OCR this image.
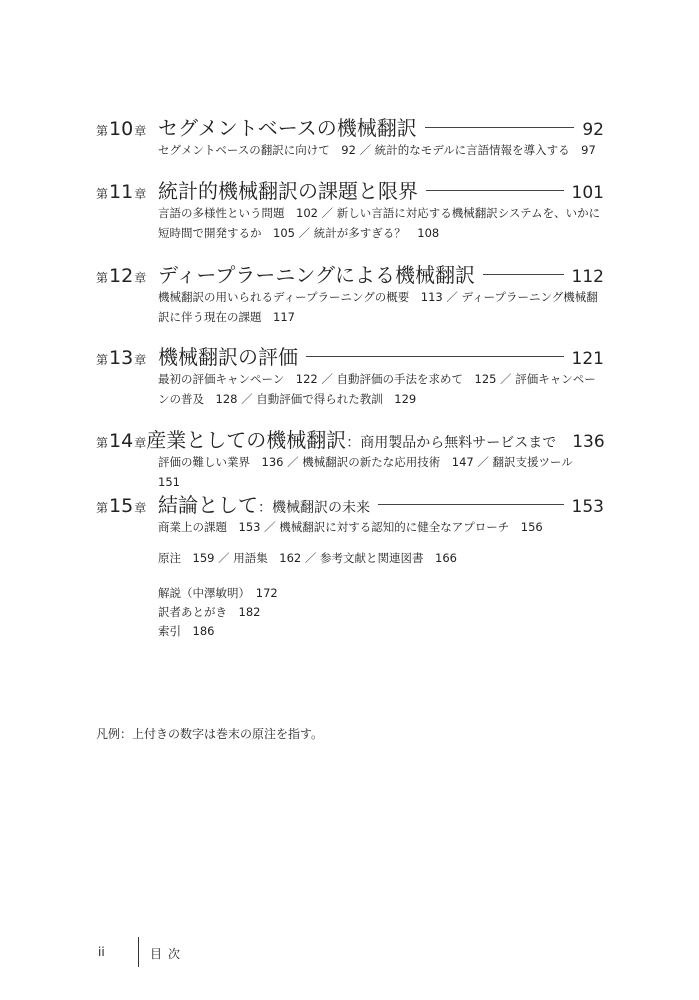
第10章 セグメントベースの機械翻訳	92
セグメントベースの翻訳に向けて　92 ／ 統計的なモデルに言語情報を導入する　97
第11章 統計的機械翻訳の課題と限界	101
言語の多様性という問題　102 ／ 新しい言語に対応する機械翻訳システムを、いかに短時間で開発するか　105 ／ 統計が多すぎる？　108
第12章 ディープラーニングによる機械翻訳	112
機械翻訳の用いられるディープラーニングの概要　113 ／ ディープラーニング機械翻訳に伴う現在の課題　117
第13章 機械翻訳の評価	121
最初の評価キャンペーン　122 ／ 自動評価の手法を求めて　125 ／ 評価キャンペーンの普及　128 ／ 自動評価で得られた教訓　129
第14章 産業としての機械翻訳 ：商用製品から無料サービスまで 136
評価の難しい業界　136 ／ 機械翻訳の新たな応用技術　147 ／ 翻訳支援ツール　151
第15章 結論として ：機械翻訳の未来	153
商業上の課題　153 ／ 機械翻訳に対する認知的に健全なアプローチ　156
原注　159 ／ 用語集　162 ／ 参考文献と関連図書　166
解説（中澤敏明）　172
訳者あとがき　182
索引　186
凡例：上付きの数字は巻末の原注を指す。
ii	目次
